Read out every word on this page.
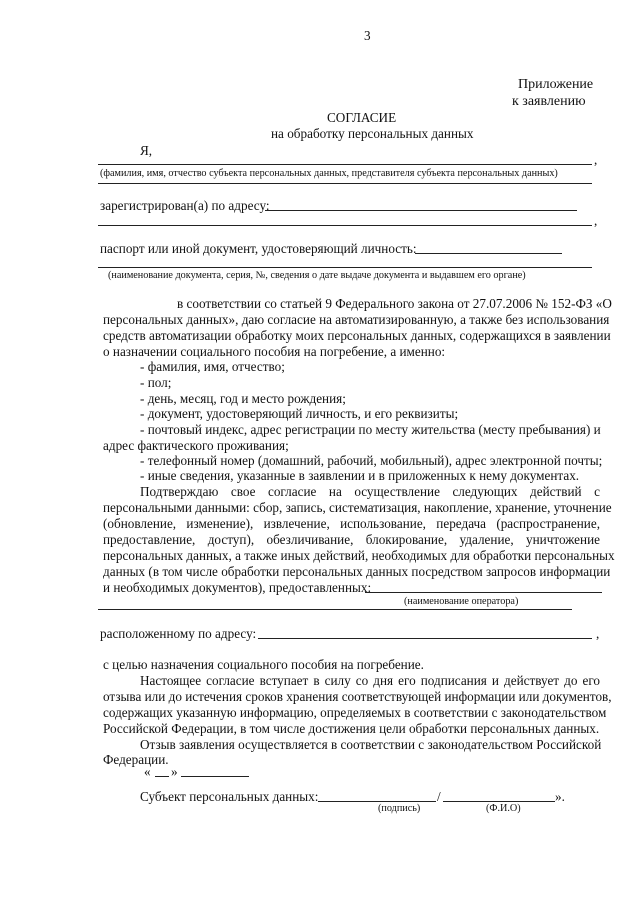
3
Приложение
к заявлению
СОГЛАСИЕ
на обработку персональных данных
Я,
,
(фамилия, имя, отчество субъекта персональных данных, представителя субъекта персональных данных)
зарегистрирован(а) по адресу:
,
паспорт или иной документ, удостоверяющий личность:
(наименование документа, серия, №, сведения о дате выдаче документа и выдавшем его органе)
в соответствии со статьей 9 Федерального закона от 27.07.2006 № 152-ФЗ «О
персональных данных», даю согласие на автоматизированную, а также без использования
средств автоматизации обработку моих персональных данных, содержащихся в заявлении
о назначении социального пособия на погребение, а именно:
- фамилия, имя, отчество;
- пол;
- день, месяц, год и место рождения;
- документ, удостоверяющий личность, и его реквизиты;
- почтовый индекс, адрес регистрации по месту жительства (месту пребывания) и
адрес фактического проживания;
- телефонный номер (домашний, рабочий, мобильный), адрес электронной почты;
- иные сведения, указанные в заявлении и в приложенных к нему документах.
Подтверждаю свое согласие на осуществление следующих действий с
персональными данными: сбор, запись, систематизация, накопление, хранение, уточнение
(обновление, изменение), извлечение, использование, передача (распространение,
предоставление, доступ), обезличивание, блокирование, удаление, уничтожение
персональных данных, а также иных действий, необходимых для обработки персональных
данных (в том числе обработки персональных данных посредством запросов информации
и необходимых документов), предоставленных:
(наименование оператора)
расположенному по адресу:	,
с целью назначения социального пособия на погребение.
Настоящее согласие вступает в силу со дня его подписания и действует до его
отзыва или до истечения сроков хранения соответствующей информации или документов,
содержащих указанную информацию, определяемых в соответствии с законодательством
Российской Федерации, в том числе достижения цели обработки персональных данных.
Отзыв заявления осуществляется в соответствии с законодательством Российской
Федерации.
« »
Субъект персональных данных:	/	».
(подпись)	(Ф.И.О)
